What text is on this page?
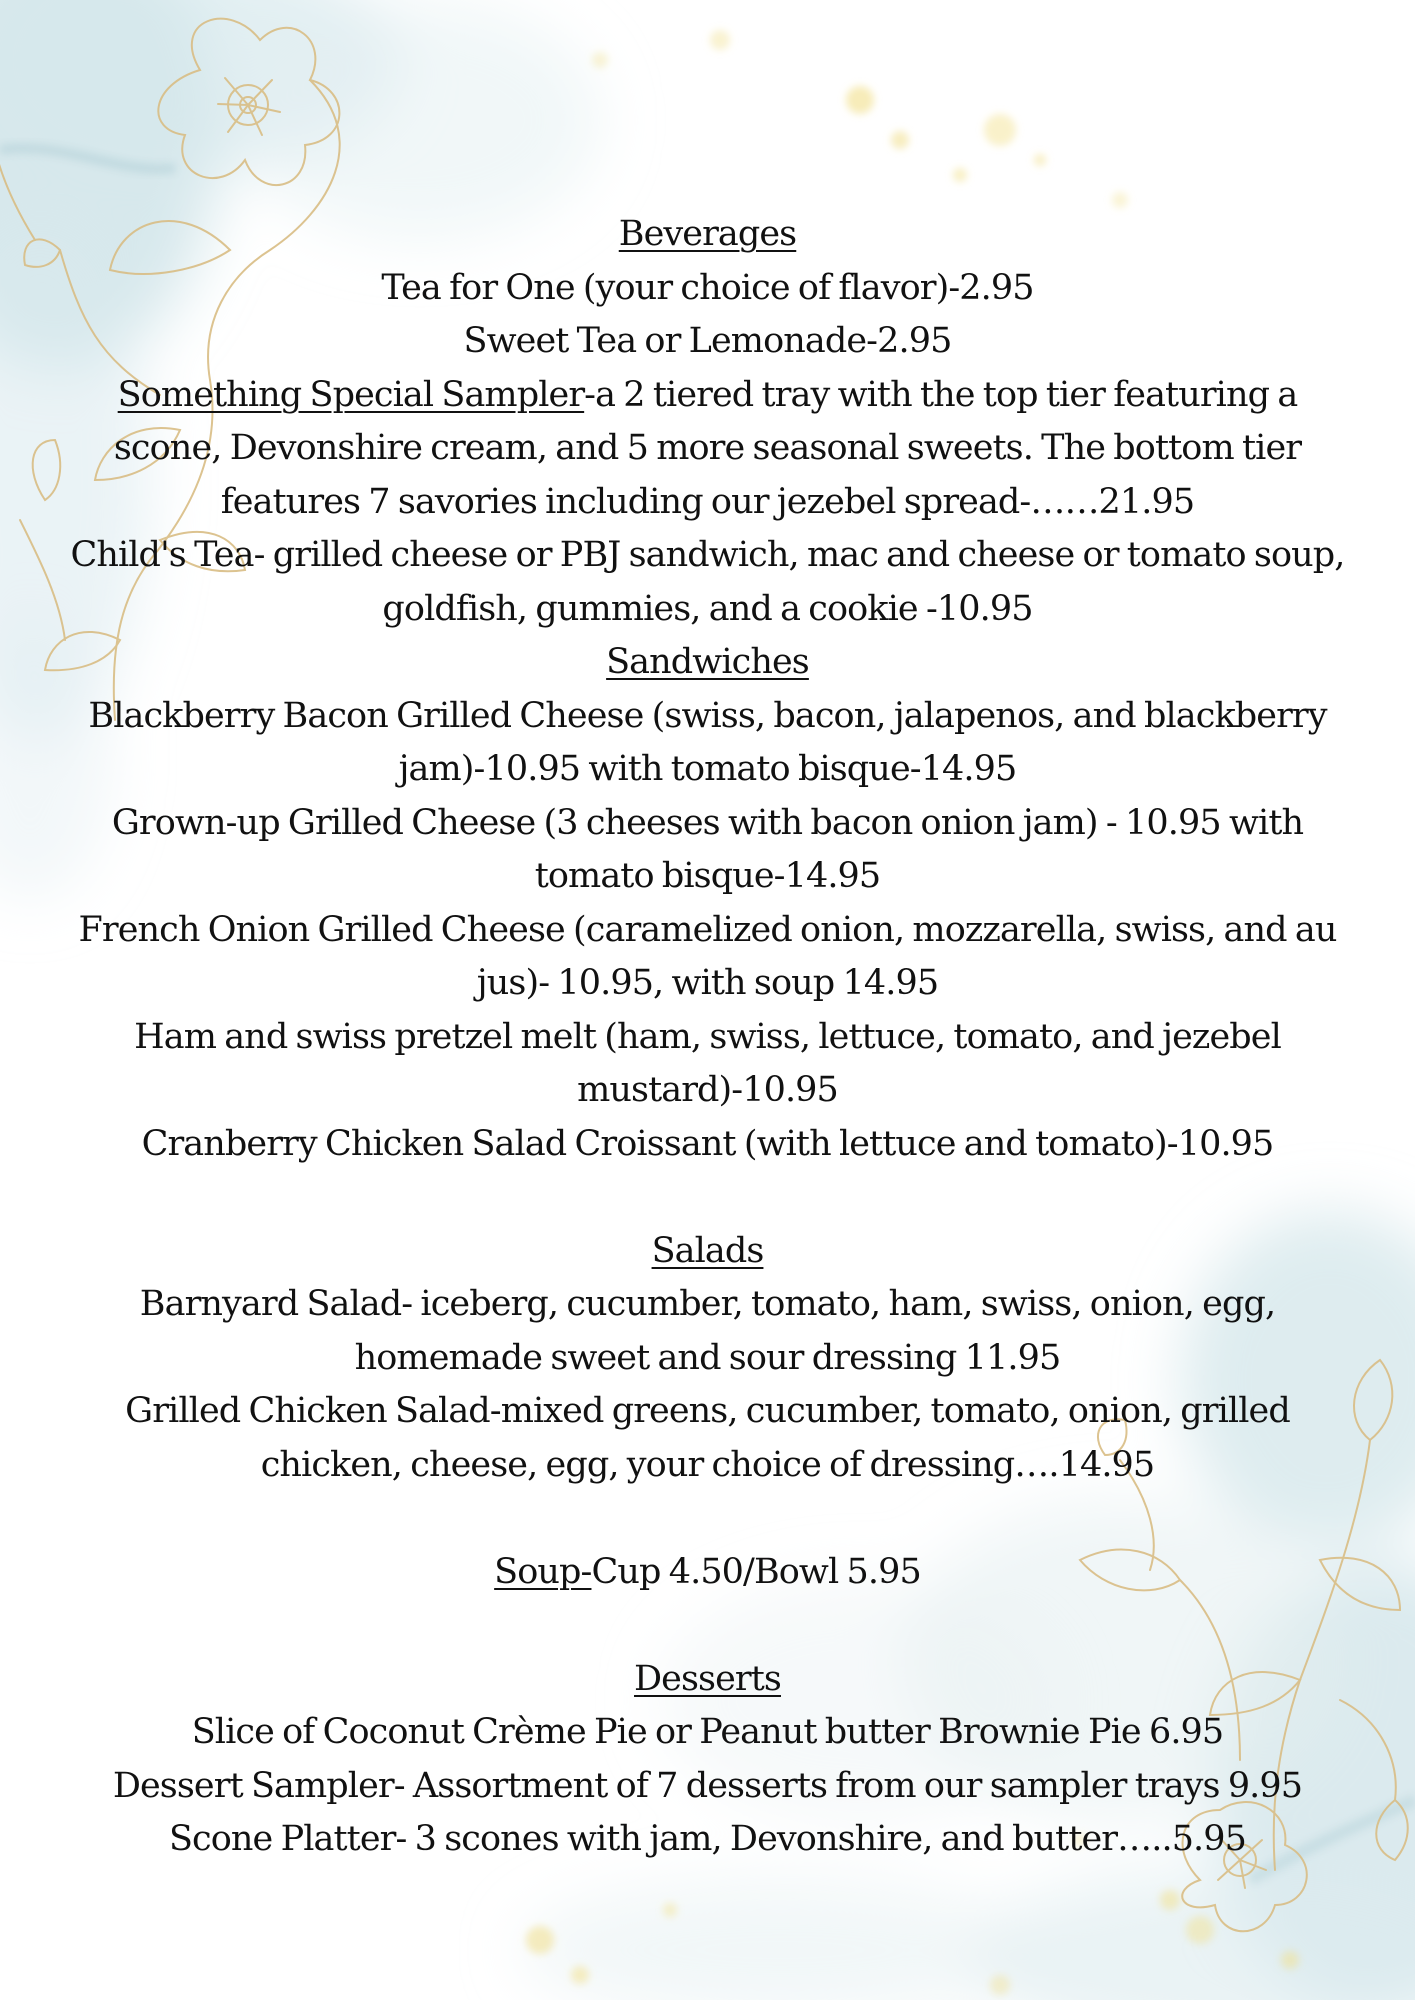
Beverages

Tea for One (your choice of flavor)-2.95

Sweet Tea or Lemonade-2.95

Something Special Sampler-a 2 tiered tray with the top tier featuring a

scone, Devonshire cream, and 5 more seasonal sweets. The bottom tier

features 7 savories including our jezebel spread-……21.95

Child's Tea- grilled cheese or PBJ sandwich, mac and cheese or tomato soup,

goldfish, gummies, and a cookie -10.95

Sandwiches

Blackberry Bacon Grilled Cheese (swiss, bacon, jalapenos, and blackberry

jam)-10.95 with tomato bisque-14.95

Grown-up Grilled Cheese (3 cheeses with bacon onion jam) - 10.95 with

tomato bisque-14.95

French Onion Grilled Cheese (caramelized onion, mozzarella, swiss, and au

jus)- 10.95, with soup 14.95

Ham and swiss pretzel melt (ham, swiss, lettuce, tomato, and jezebel

mustard)-10.95

Cranberry Chicken Salad Croissant (with lettuce and tomato)-10.95

Salads

Barnyard Salad- iceberg, cucumber, tomato, ham, swiss, onion, egg,

homemade sweet and sour dressing 11.95

Grilled Chicken Salad-mixed greens, cucumber, tomato, onion, grilled

chicken, cheese, egg, your choice of dressing….14.95

Soup-Cup 4.50/Bowl 5.95

Desserts

Slice of Coconut Crème Pie or Peanut butter Brownie Pie 6.95

Dessert Sampler- Assortment of 7 desserts from our sampler trays 9.95

Scone Platter- 3 scones with jam, Devonshire, and butter…..5.95
